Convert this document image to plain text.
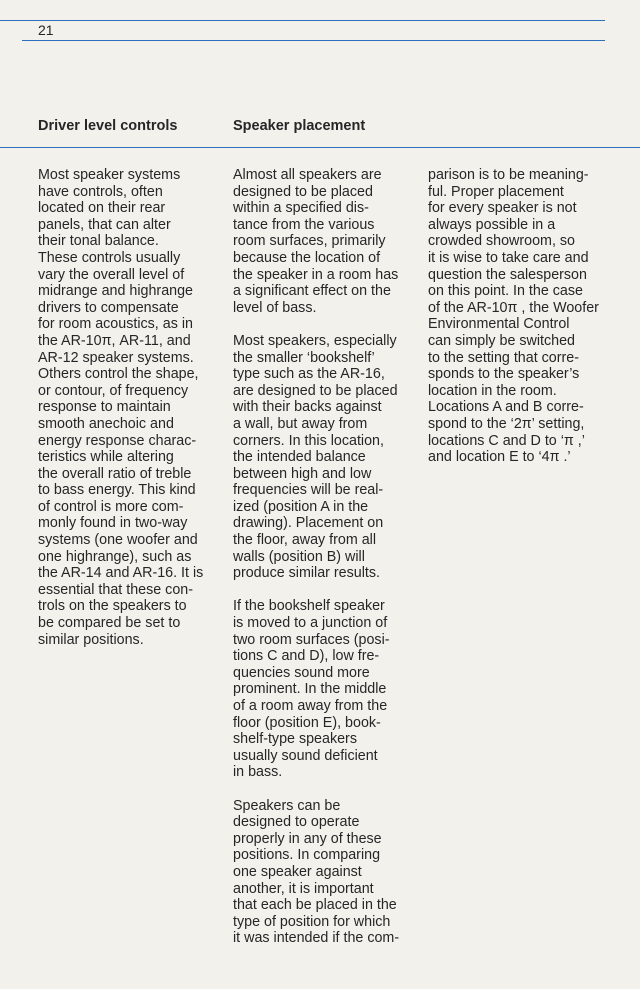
21
Driver level controls	Speaker placement
Most speaker systems
have controls, often
located on their rear
panels, that can alter
their tonal balance.
These controls usually
vary the overall level of
midrange and highrange
drivers to compensate
for room acoustics, as in
the AR-10π, AR-11, and
AR-12 speaker systems.
Others control the shape,
or contour, of frequency
response to maintain
smooth anechoic and
energy response charac-
teristics while altering
the overall ratio of treble
to bass energy. This kind
of control is more com-
monly found in two-way
systems (one woofer and
one highrange), such as
the AR-14 and AR-16. It is
essential that these con-
trols on the speakers to
be compared be set to
similar positions.
Almost all speakers are
designed to be placed
within a specified dis-
tance from the various
room surfaces, primarily
because the location of
the speaker in a room has
a significant effect on the
level of bass.
Most speakers, especially
the smaller ‘bookshelf’
type such as the AR-16,
are designed to be placed
with their backs against
a wall, but away from
corners. In this location,
the intended balance
between high and low
frequencies will be real-
ized (position A in the
drawing). Placement on
the floor, away from all
walls (position B) will
produce similar results.
If the bookshelf speaker
is moved to a junction of
two room surfaces (posi-
tions C and D), low fre-
quencies sound more
prominent. In the middle
of a room away from the
floor (position E), book-
shelf-type speakers
usually sound deficient
in bass.
Speakers can be
designed to operate
properly in any of these
positions. In comparing
one speaker against
another, it is important
that each be placed in the
type of position for which
it was intended if the com-
parison is to be meaning-
ful. Proper placement
for every speaker is not
always possible in a
crowded showroom, so
it is wise to take care and
question the salesperson
on this point. In the case
of the AR-10π , the Woofer
Environmental Control
can simply be switched
to the setting that corre-
sponds to the speaker’s
location in the room.
Locations A and B corre-
spond to the ‘2π’ setting,
locations C and D to ‘π ,’
and location E to ‘4π .’
